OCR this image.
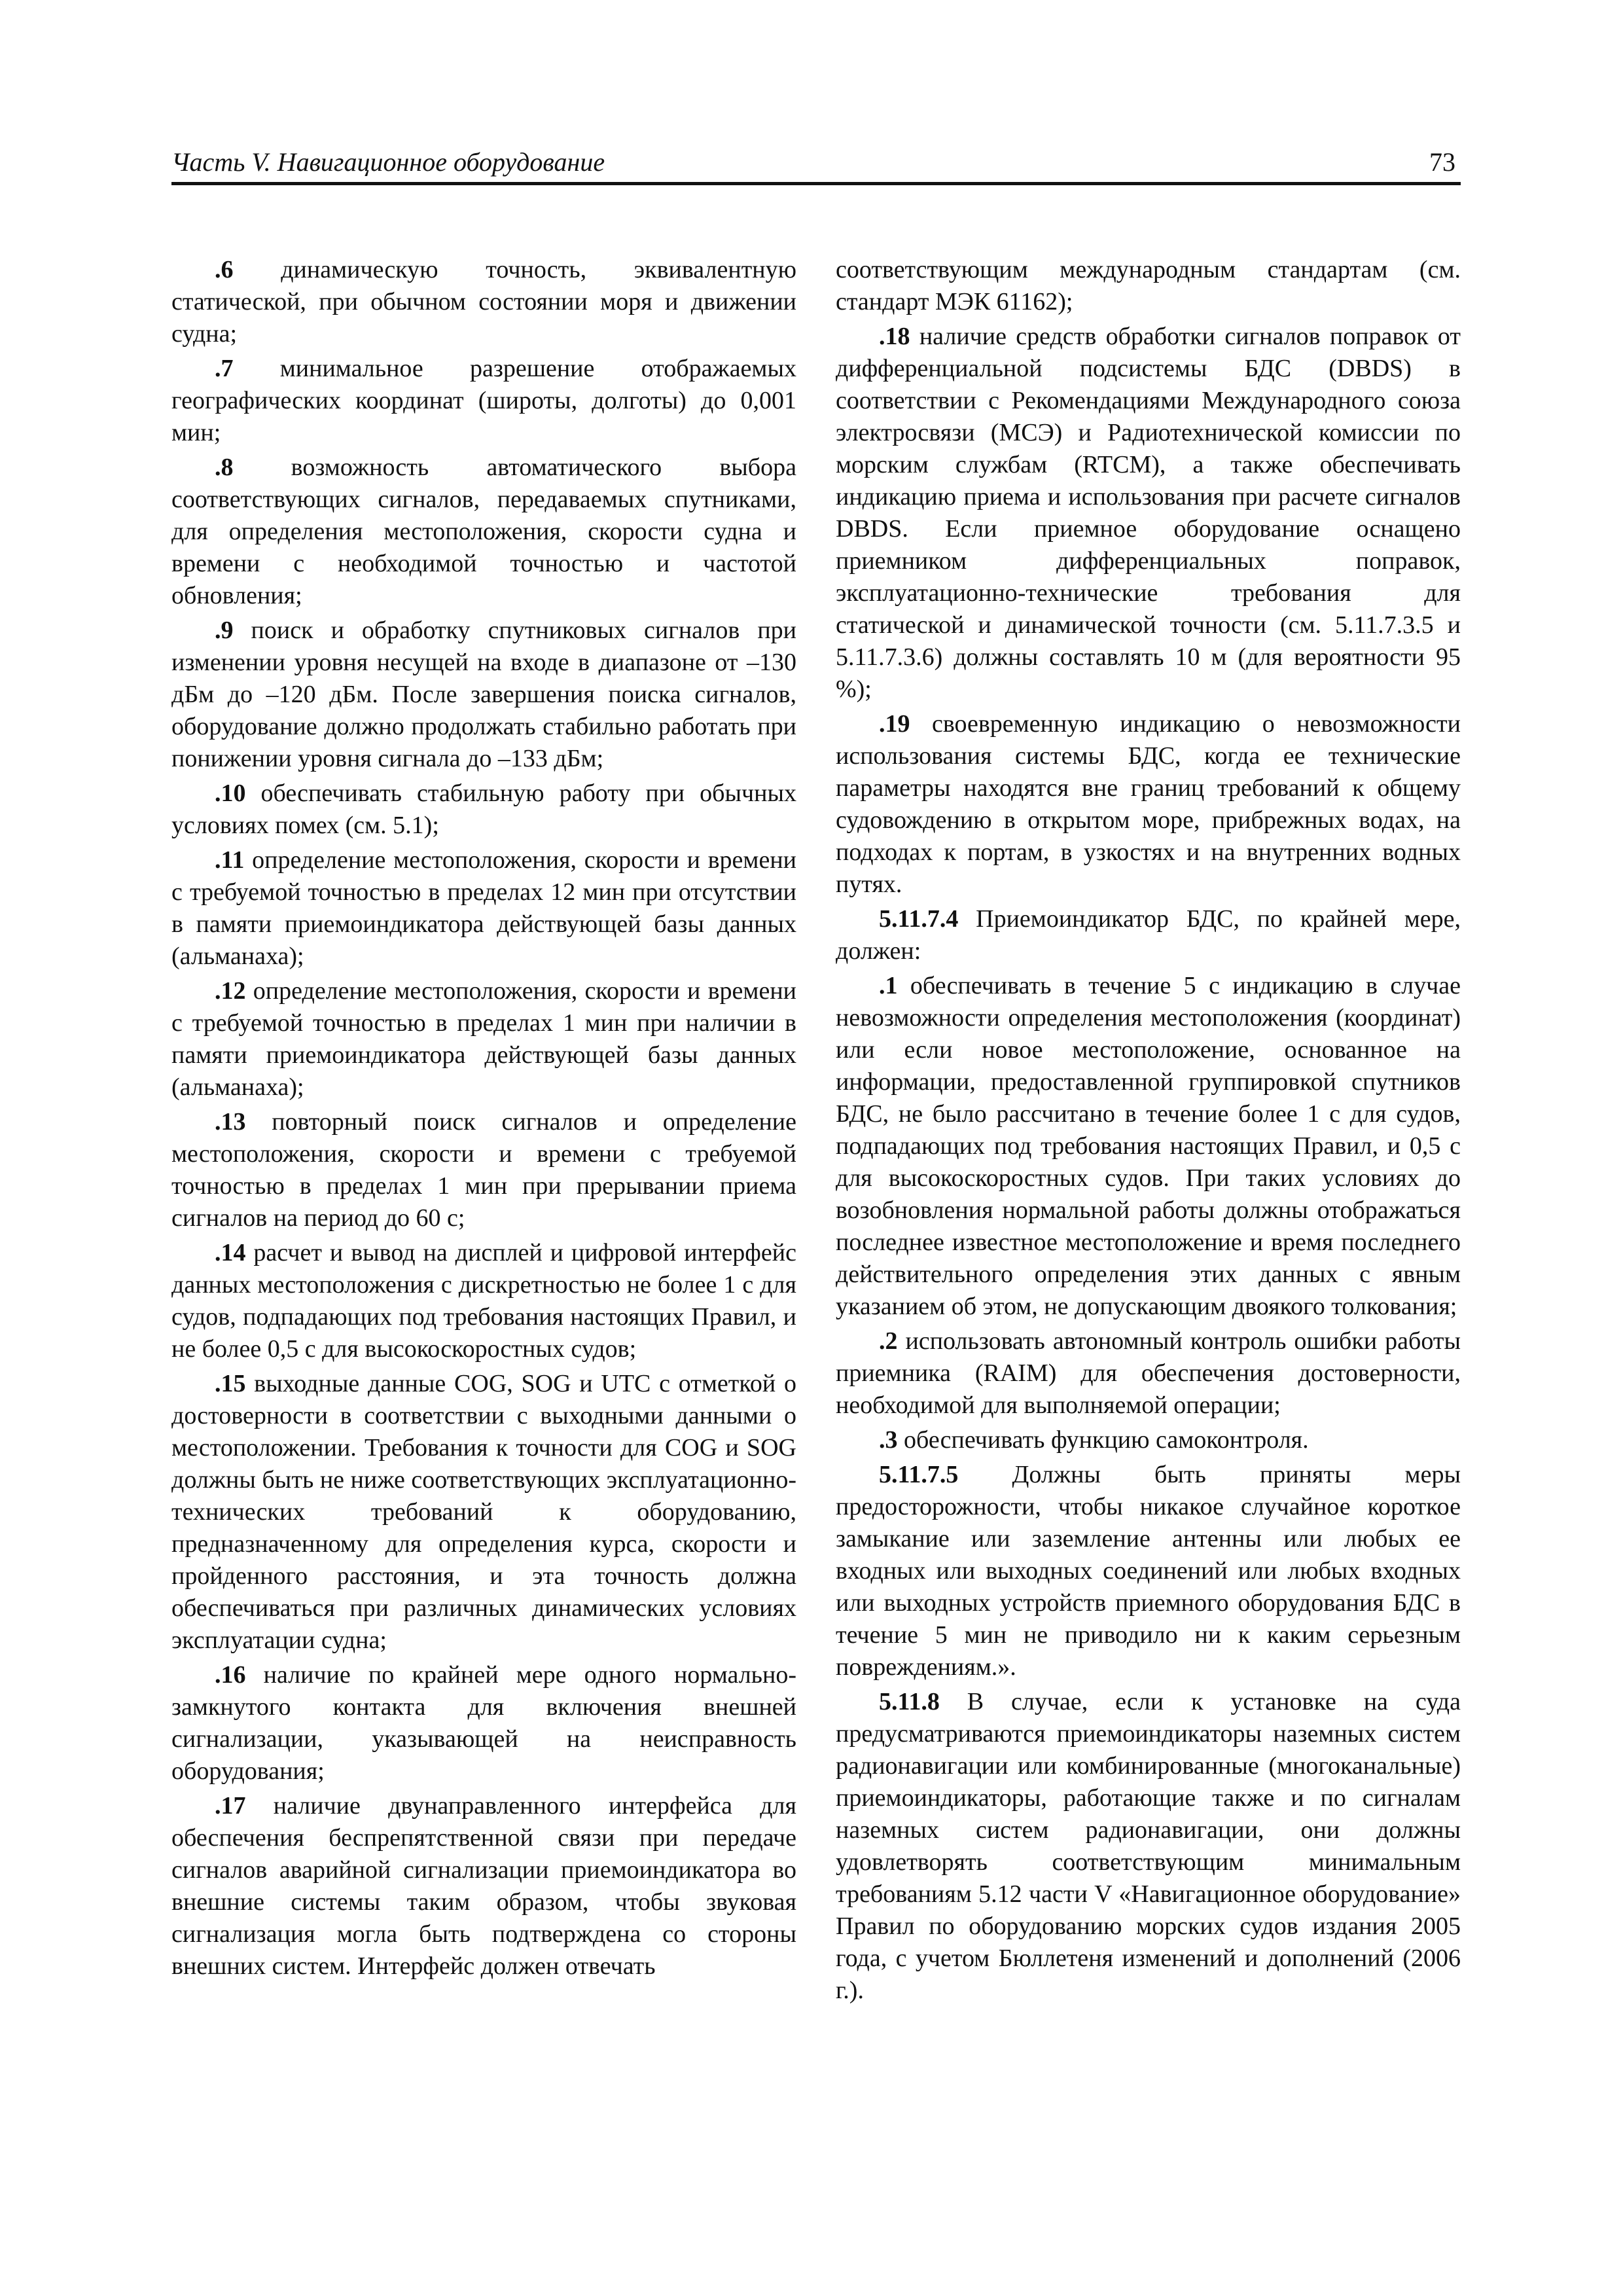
Часть V. Навигационное оборудование	73

.6 динамическую точность, эквивалентную статической, при обычном состоянии моря и движении судна;

.7 минимальное разрешение отображаемых географических координат (широты, долготы) до 0,001 мин;

.8 возможность автоматического выбора соответствующих сигналов, передаваемых спутниками, для определения местоположения, скорости судна и времени с необходимой точностью и частотой обновления;

.9 поиск и обработку спутниковых сигналов при изменении уровня несущей на входе в диапазоне от –130 дБм до –120 дБм. После завершения поиска сигналов, оборудование должно продолжать стабильно работать при понижении уровня сигнала до –133 дБм;

.10 обеспечивать стабильную работу при обычных условиях помех (см. 5.1);

.11 определение местоположения, скорости и времени с требуемой точностью в пределах 12 мин при отсутствии в памяти приемоиндикатора действующей базы данных (альманаха);

.12 определение местоположения, скорости и времени с требуемой точностью в пределах 1 мин при наличии в памяти приемоиндикатора действующей базы данных (альманаха);

.13 повторный поиск сигналов и определение местоположения, скорости и времени с требуемой точностью в пределах 1 мин при прерывании приема сигналов на период до 60 с;

.14 расчет и вывод на дисплей и цифровой интерфейс данных местоположения с дискретностью не более 1 с для судов, подпадающих под требования настоящих Правил, и не более 0,5 с для высокоскоростных судов;

.15 выходные данные COG, SOG и UTC с отметкой о достоверности в соответствии с выходными данными о местоположении. Требования к точности для COG и SOG должны быть не ниже соответствующих эксплуатационно-технических требований к оборудованию, предназначенному для определения курса, скорости и пройденного расстояния, и эта точность должна обеспечиваться при различных динамических условиях эксплуатации судна;

.16 наличие по крайней мере одного нормально-замкнутого контакта для включения внешней сигнализации, указывающей на неисправность оборудования;

.17 наличие двунаправленного интерфейса для обеспечения беспрепятственной связи при передаче сигналов аварийной сигнализации приемоиндикатора во внешние системы таким образом, чтобы звуковая сигнализация могла быть подтверждена со стороны внешних систем. Интерфейс должен отвечать

соответствующим международным стандартам (см. стандарт МЭК 61162);

.18 наличие средств обработки сигналов поправок от дифференциальной подсистемы БДС (DBDS) в соответствии с Рекомендациями Международного союза электросвязи (МСЭ) и Радиотехнической комиссии по морским службам (RTCM), а также обеспечивать индикацию приема и использования при расчете сигналов DBDS. Если приемное оборудование оснащено приемником дифференциальных поправок, эксплуатационно-технические требования для статической и динамической точности (см. 5.11.7.3.5 и 5.11.7.3.6) должны составлять 10 м (для вероятности 95 %);

.19 своевременную индикацию о невозможности использования системы БДС, когда ее технические параметры находятся вне границ требований к общему судовождению в открытом море, прибрежных водах, на подходах к портам, в узкостях и на внутренних водных путях.

5.11.7.4 Приемоиндикатор БДС, по крайней мере, должен:

.1 обеспечивать в течение 5 с индикацию в случае невозможности определения местоположения (координат) или если новое местоположение, основанное на информации, предоставленной группировкой спутников БДС, не было рассчитано в течение более 1 с для судов, подпадающих под требования настоящих Правил, и 0,5 с для высокоскоростных судов. При таких условиях до возобновления нормальной работы должны отображаться последнее известное местоположение и время последнего действительного определения этих данных с явным указанием об этом, не допускающим двоякого толкования;

.2 использовать автономный контроль ошибки работы приемника (RAIM) для обеспечения достоверности, необходимой для выполняемой операции;

.3 обеспечивать функцию самоконтроля.

5.11.7.5 Должны быть приняты меры предосторожности, чтобы никакое случайное короткое замыкание или заземление антенны или любых ее входных или выходных соединений или любых входных или выходных устройств приемного оборудования БДС в течение 5 мин не приводило ни к каким серьезным повреждениям.».

5.11.8 В случае, если к установке на суда предусматриваются приемоиндикаторы наземных систем радионавигации или комбинированные (многоканальные) приемоиндикаторы, работающие также и по сигналам наземных систем радионавигации, они должны удовлетворять соответствующим минимальным требованиям 5.12 части V «Навигационное оборудование» Правил по оборудованию морских судов издания 2005 года, с учетом Бюллетеня изменений и дополнений (2006 г.).
